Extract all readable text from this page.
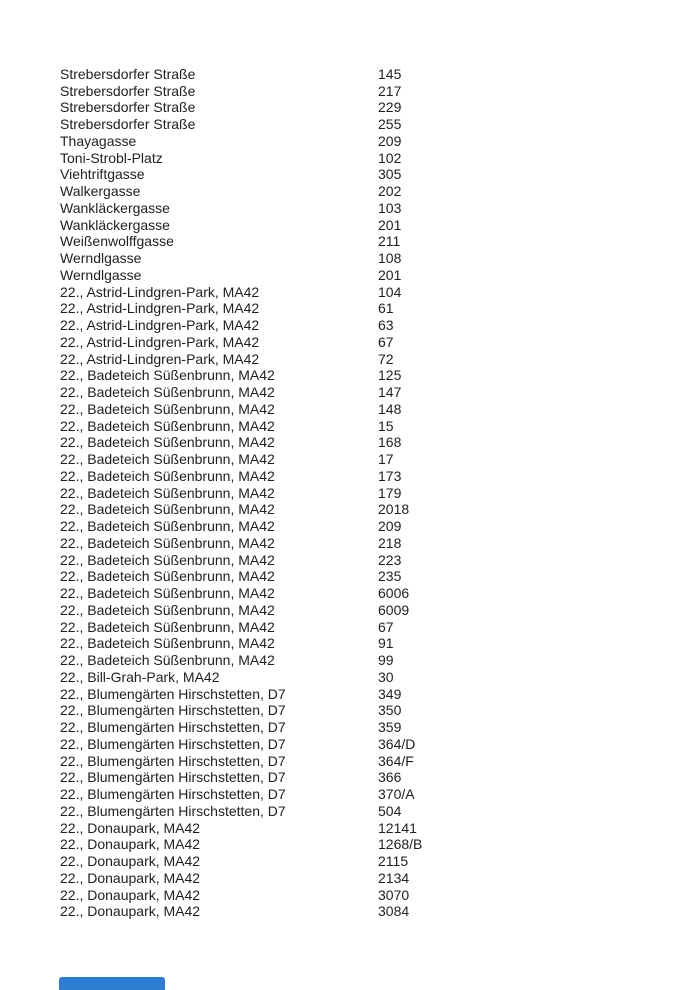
Strebersdorfer Straße	145
Strebersdorfer Straße	217
Strebersdorfer Straße	229
Strebersdorfer Straße	255
Thayagasse	209
Toni-Strobl-Platz	102
Viehtriftgasse	305
Walkergasse	202
Wankläckergasse	103
Wankläckergasse	201
Weißenwolffgasse	211
Werndlgasse	108
Werndlgasse	201
22., Astrid-Lindgren-Park, MA42	104
22., Astrid-Lindgren-Park, MA42	61
22., Astrid-Lindgren-Park, MA42	63
22., Astrid-Lindgren-Park, MA42	67
22., Astrid-Lindgren-Park, MA42	72
22., Badeteich Süßenbrunn, MA42	125
22., Badeteich Süßenbrunn, MA42	147
22., Badeteich Süßenbrunn, MA42	148
22., Badeteich Süßenbrunn, MA42	15
22., Badeteich Süßenbrunn, MA42	168
22., Badeteich Süßenbrunn, MA42	17
22., Badeteich Süßenbrunn, MA42	173
22., Badeteich Süßenbrunn, MA42	179
22., Badeteich Süßenbrunn, MA42	2018
22., Badeteich Süßenbrunn, MA42	209
22., Badeteich Süßenbrunn, MA42	218
22., Badeteich Süßenbrunn, MA42	223
22., Badeteich Süßenbrunn, MA42	235
22., Badeteich Süßenbrunn, MA42	6006
22., Badeteich Süßenbrunn, MA42	6009
22., Badeteich Süßenbrunn, MA42	67
22., Badeteich Süßenbrunn, MA42	91
22., Badeteich Süßenbrunn, MA42	99
22., Bill-Grah-Park, MA42	30
22., Blumengärten Hirschstetten, D7	349
22., Blumengärten Hirschstetten, D7	350
22., Blumengärten Hirschstetten, D7	359
22., Blumengärten Hirschstetten, D7	364/D
22., Blumengärten Hirschstetten, D7	364/F
22., Blumengärten Hirschstetten, D7	366
22., Blumengärten Hirschstetten, D7	370/A
22., Blumengärten Hirschstetten, D7	504
22., Donaupark, MA42	12141
22., Donaupark, MA42	1268/B
22., Donaupark, MA42	2115
22., Donaupark, MA42	2134
22., Donaupark, MA42	3070
22., Donaupark, MA42	3084
